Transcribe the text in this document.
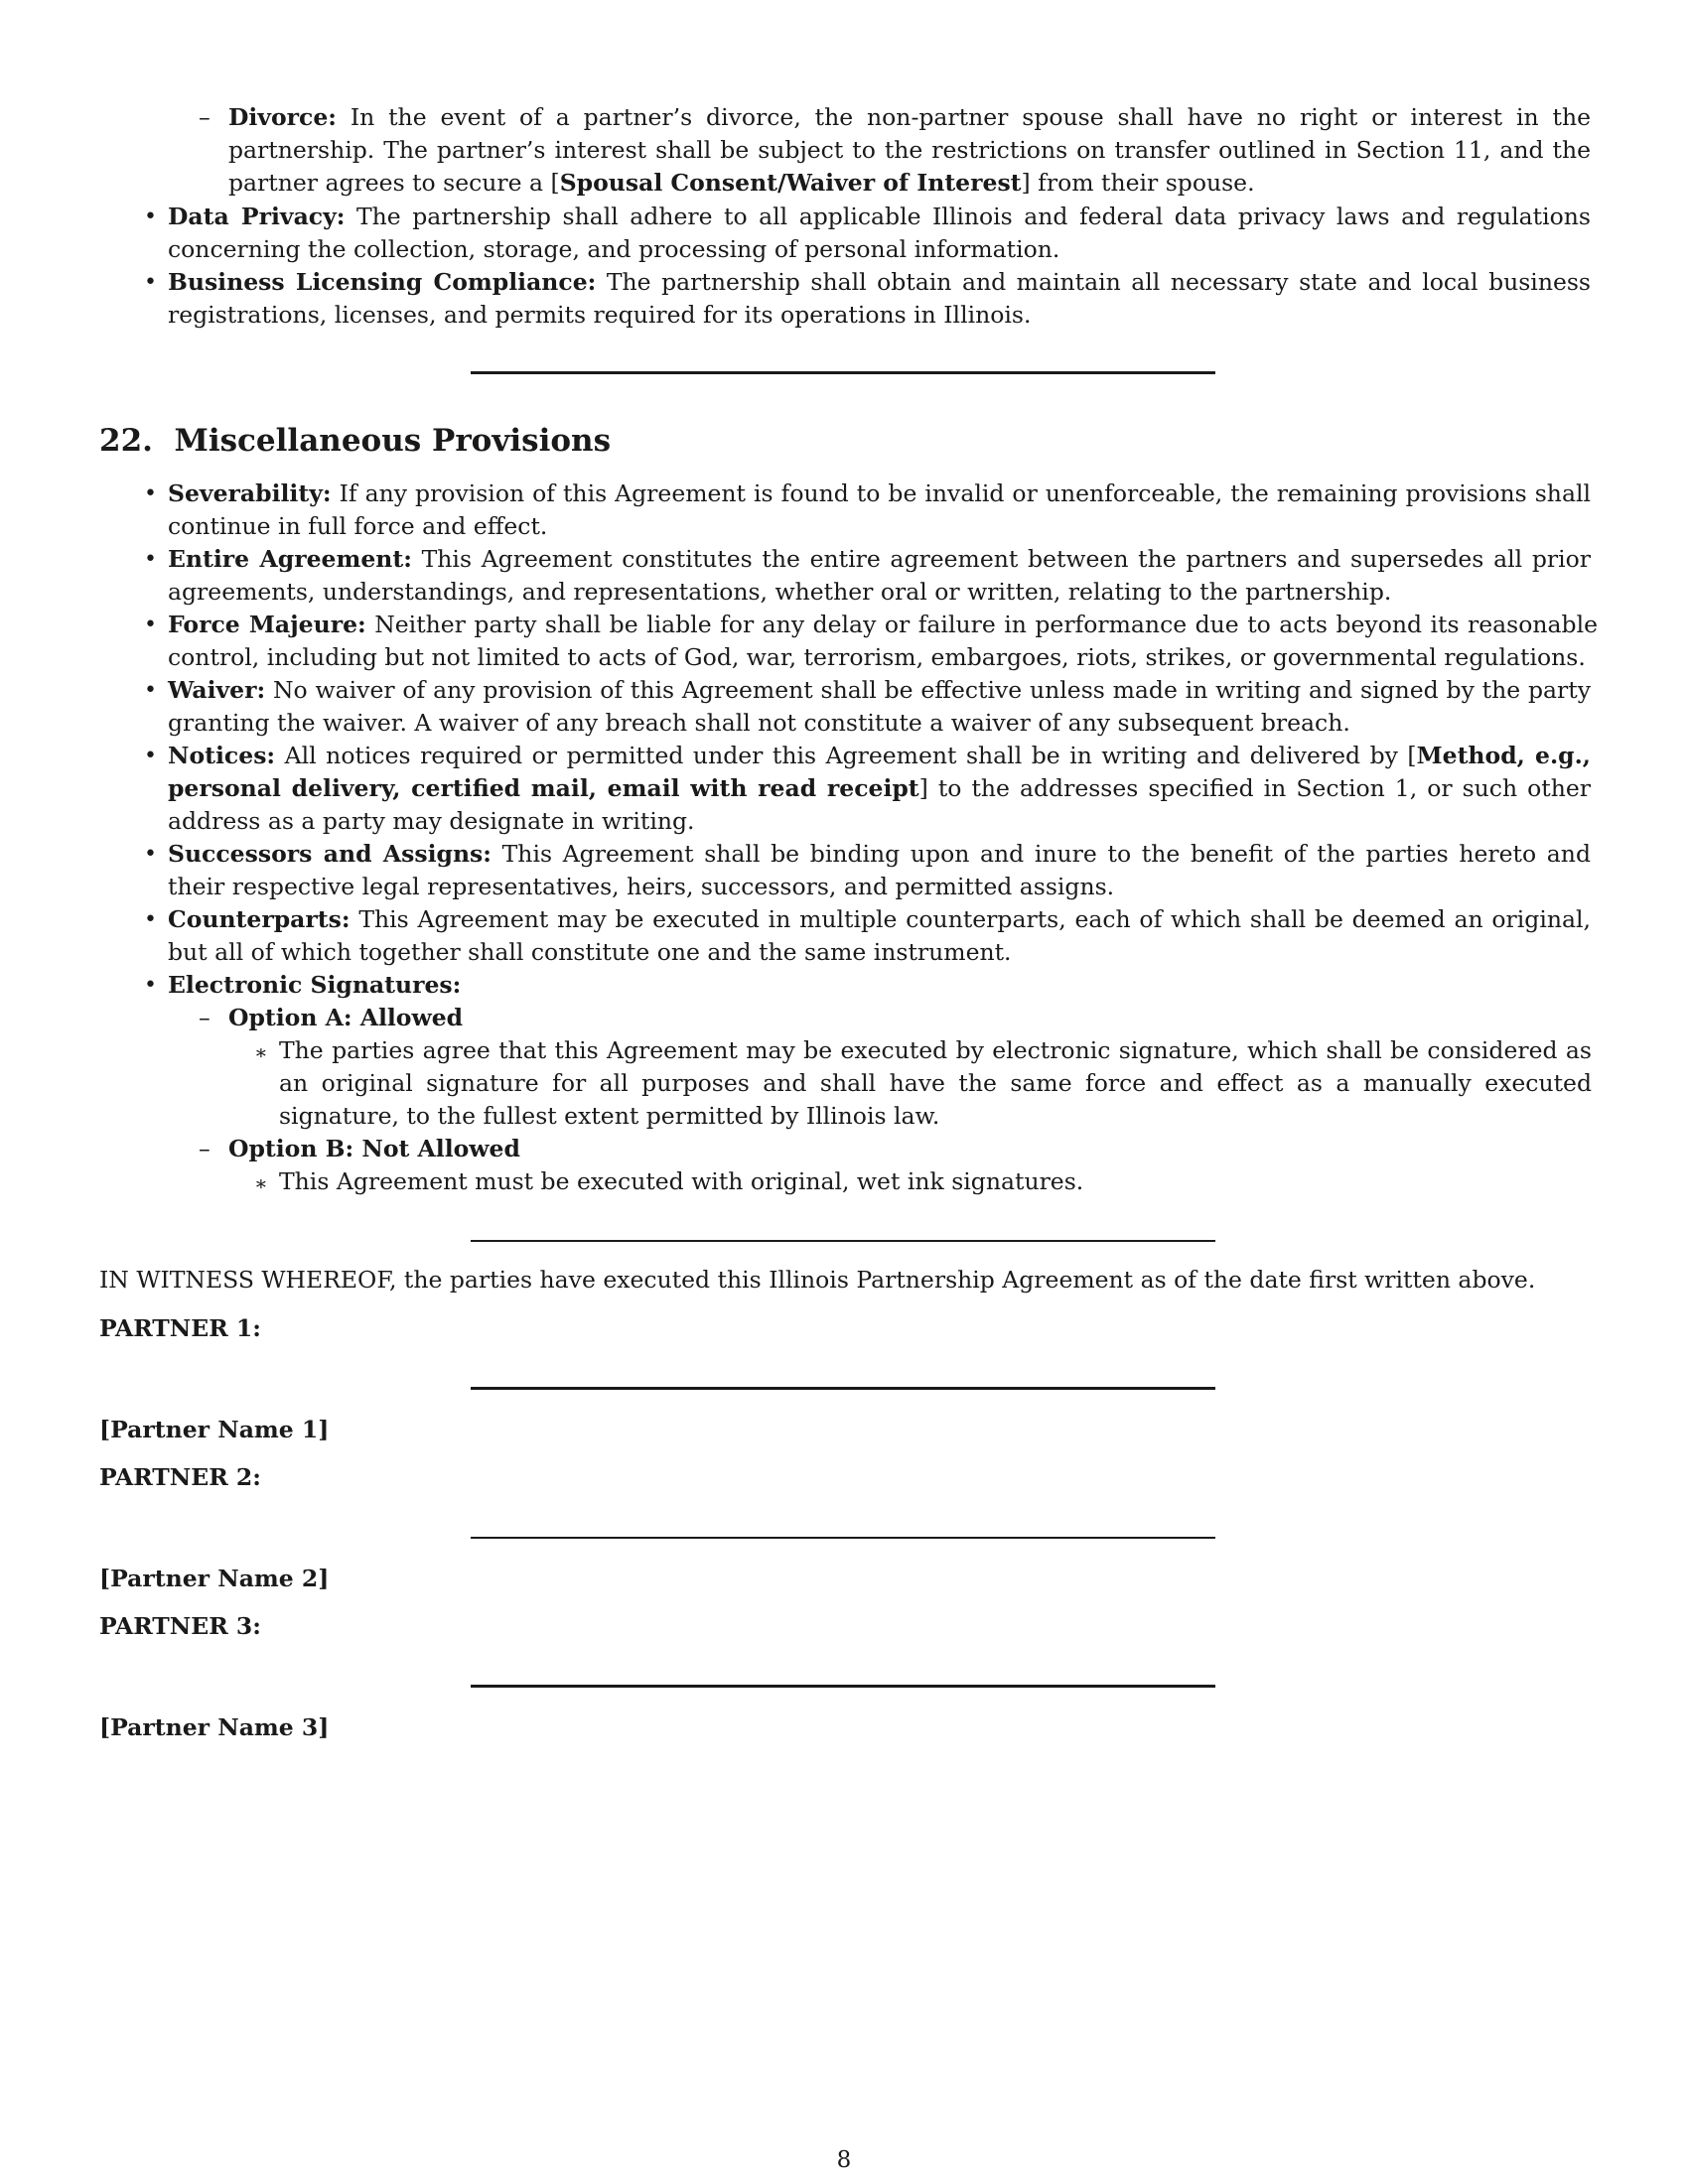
– Divorce: In the event of a partner’s divorce, the non-partner spouse shall have no right or interest in the partnership. The partner’s interest shall be subject to the restrictions on transfer outlined in Section 11, and the partner agrees to secure a [Spousal Consent/Waiver of Interest] from their spouse.
• Data Privacy: The partnership shall adhere to all applicable Illinois and federal data privacy laws and regulations concerning the collection, storage, and processing of personal information.
• Business Licensing Compliance: The partnership shall obtain and maintain all necessary state and local business registrations, licenses, and permits required for its operations in Illinois.
22.  Miscellaneous Provisions
• Severability: If any provision of this Agreement is found to be invalid or unenforceable, the remaining provisions shall continue in full force and effect.
• Entire Agreement: This Agreement constitutes the entire agreement between the partners and supersedes all prior agreements, understandings, and representations, whether oral or written, relating to the partnership.
• Force Majeure: Neither party shall be liable for any delay or failure in performance due to acts beyond its reasonable control, including but not limited to acts of God, war, terrorism, embargoes, riots, strikes, or governmental regulations.
• Waiver: No waiver of any provision of this Agreement shall be effective unless made in writing and signed by the party granting the waiver. A waiver of any breach shall not constitute a waiver of any subsequent breach.
• Notices: All notices required or permitted under this Agreement shall be in writing and delivered by [Method, e.g., personal delivery, certified mail, email with read receipt] to the addresses specified in Section 1, or such other address as a party may designate in writing.
• Successors and Assigns: This Agreement shall be binding upon and inure to the benefit of the parties hereto and their respective legal representatives, heirs, successors, and permitted assigns.
• Counterparts: This Agreement may be executed in multiple counterparts, each of which shall be deemed an original, but all of which together shall constitute one and the same instrument.
• Electronic Signatures:
– Option A: Allowed
∗ The parties agree that this Agreement may be executed by electronic signature, which shall be considered as an original signature for all purposes and shall have the same force and effect as a manually executed signature, to the fullest extent permitted by Illinois law.
– Option B: Not Allowed
∗ This Agreement must be executed with original, wet ink signatures.
IN WITNESS WHEREOF, the parties have executed this Illinois Partnership Agreement as of the date first written above.
PARTNER 1:
[Partner Name 1]
PARTNER 2:
[Partner Name 2]
PARTNER 3:
[Partner Name 3]
8
